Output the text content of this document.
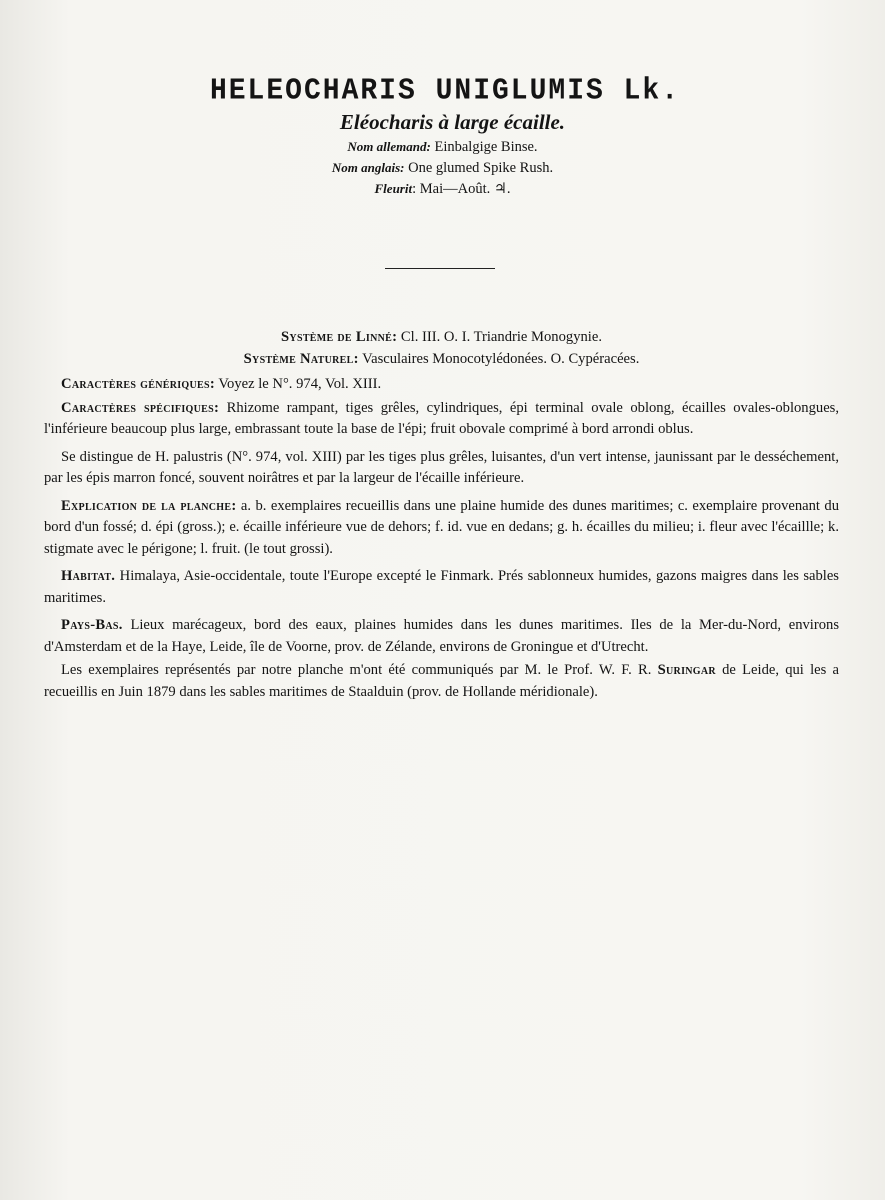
HELEOCHARIS UNIGLUMIS Lk.
Eléocharis à large écaille.
Nom allemand: Einbalgige Binse.
Nom anglais: One glumed Spike Rush.
Fleurit: Mai—Août. ♃.

Système de Linné: Cl. III. O. I. Triandrie Monogynie.

Système Naturel: Vasculaires Monocotylédonées. O. Cypéracées.

Caractères génériques: Voyez le N°. 974, Vol. XIII.

Caractères spécifiques: Rhizome rampant, tiges grêles, cylindriques, épi terminal ovale oblong, écailles ovales-oblongues, l'inférieure beaucoup plus large, embrassant toute la base de l'épi; fruit obovale comprimé à bord arrondi oblus.

Se distingue de H. palustris (N°. 974, vol. XIII) par les tiges plus grêles, luisantes, d'un vert intense, jaunissant par le desséchement, par les épis marron foncé, souvent noirâtres et par la largeur de l'écaille inférieure.

Explication de la planche: a. b. exemplaires recueillis dans une plaine humide des dunes maritimes; c. exemplaire provenant du bord d'un fossé; d. épi (gross.); e. écaille inférieure vue de dehors; f. id. vue en dedans; g. h. écailles du milieu; i. fleur avec l'écaillle; k. stigmate avec le périgone; l. fruit. (le tout grossi).

Habitat. Himalaya, Asie-occidentale, toute l'Europe excepté le Finmark. Prés sablonneux humides, gazons maigres dans les sables maritimes.

Pays-Bas. Lieux marécageux, bord des eaux, plaines humides dans les dunes maritimes. Iles de la Mer-du-Nord, environs d'Amsterdam et de la Haye, Leide, île de Voorne, prov. de Zélande, environs de Groningue et d'Utrecht.

Les exemplaires représentés par notre planche m'ont été communiqués par M. le Prof. W. F. R. Suringar de Leide, qui les a recueillis en Juin 1879 dans les sables maritimes de Staalduin (prov. de Hollande méridionale).
